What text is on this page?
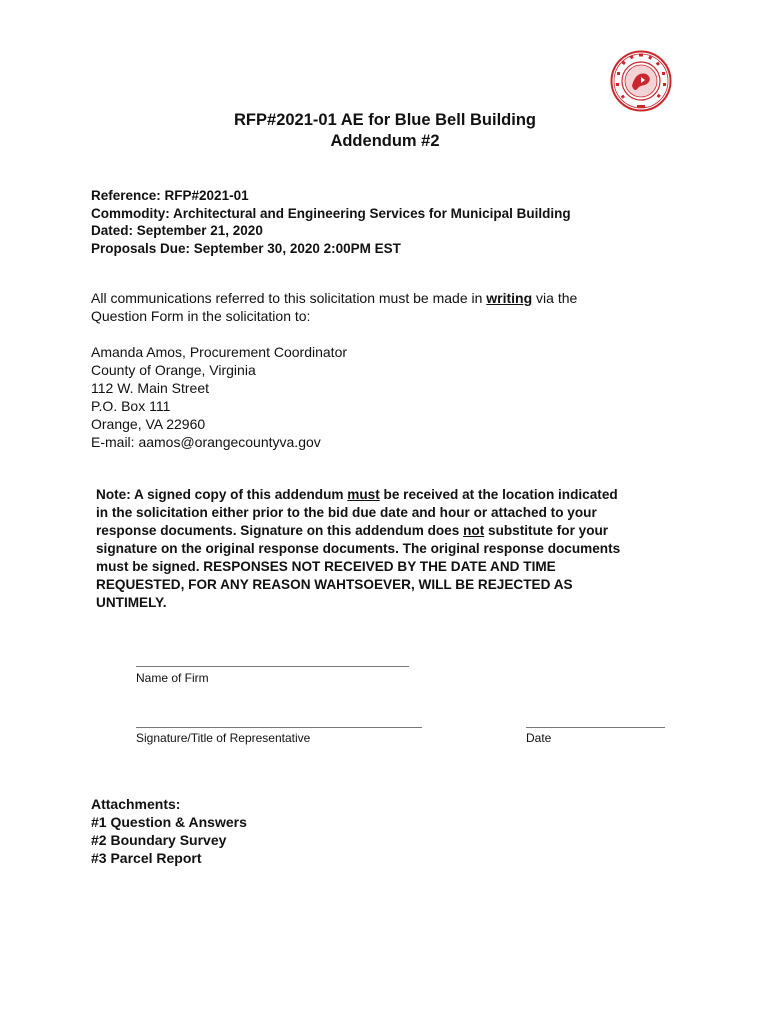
RFP#2021-01 AE for Blue Bell Building
Addendum #2
Reference: RFP#2021-01
Commodity: Architectural and Engineering Services for Municipal Building
Dated: September 21, 2020
Proposals Due: September 30, 2020 2:00PM EST
All communications referred to this solicitation must be made in writing via the
Question Form in the solicitation to:
Amanda Amos, Procurement Coordinator
County of Orange, Virginia
112 W. Main Street
P.O. Box 111
Orange, VA 22960
E-mail: aamos@orangecountyva.gov
Note: A signed copy of this addendum must be received at the location indicated
in the solicitation either prior to the bid due date and hour or attached to your
response documents. Signature on this addendum does not substitute for your
signature on the original response documents. The original response documents
must be signed. RESPONSES NOT RECEIVED BY THE DATE AND TIME
REQUESTED, FOR ANY REASON WAHTSOEVER, WILL BE REJECTED AS
UNTIMELY.
Name of Firm
Signature/Title of Representative	Date
Attachments:
#1 Question & Answers
#2 Boundary Survey
#3 Parcel Report
